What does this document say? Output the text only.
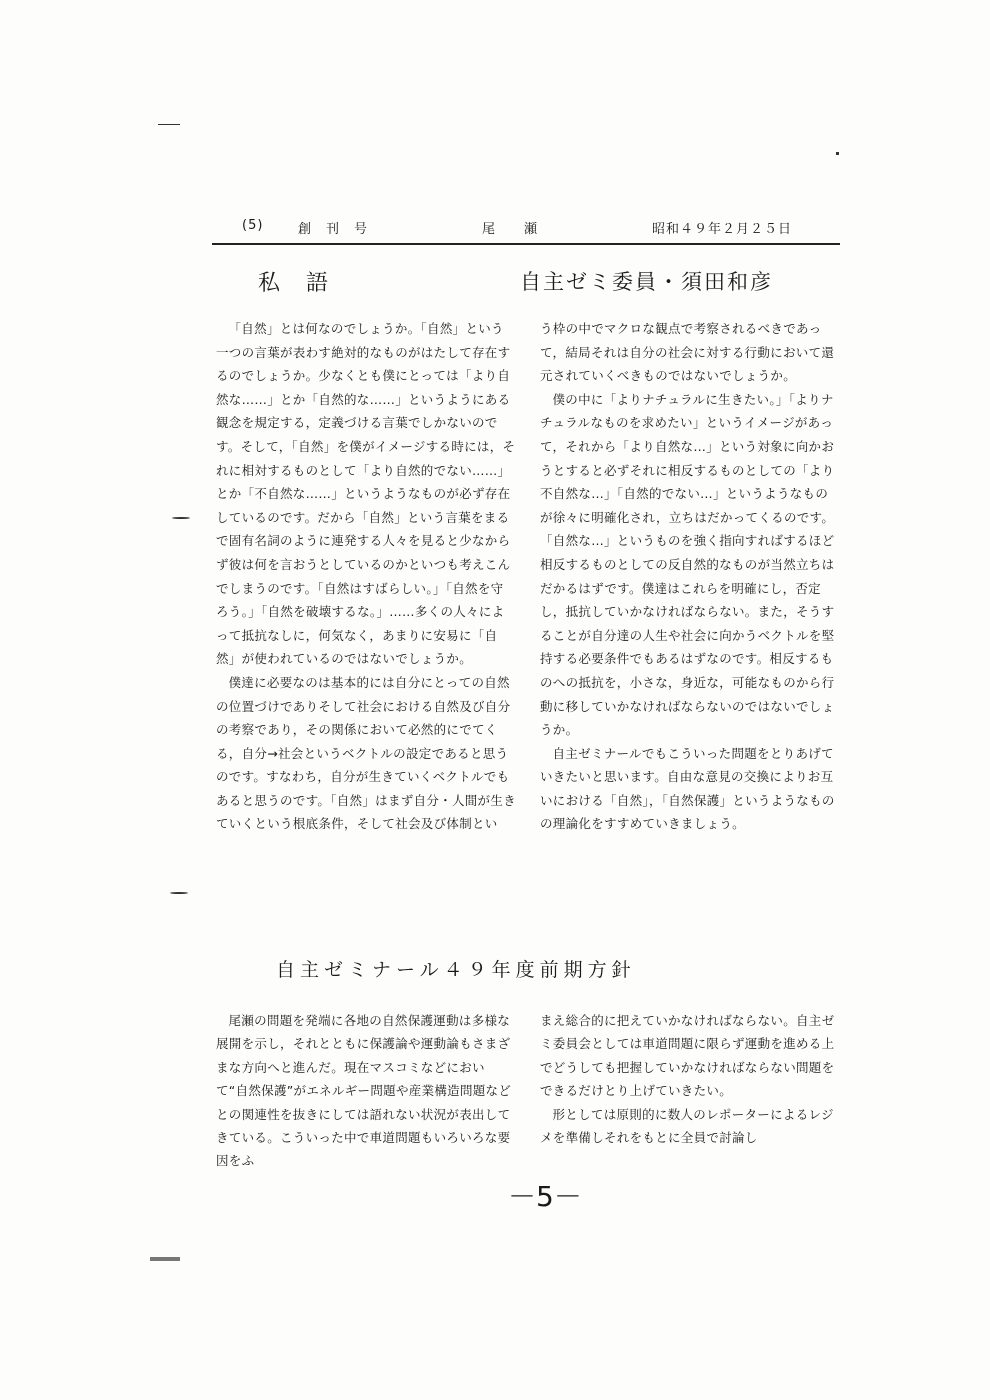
(5)	創　刊　号	尾　　瀬	昭和４９年２月２５日
私語	自主ゼミ委員・須田和彦

「自然」とは何なのでしょうか。「自然」という一つの言葉が表わす絶対的なものがはたして存在するのでしょうか。少なくとも僕にとっては「より自然な……」とか「自然的な……」というようにある観念を規定する，定義づける言葉でしかないのです。そして，「自然」を僕がイメージする時には，それに相対するものとして「より自然的でない……」とか「不自然な……」というようなものが必ず存在しているのです。だから「自然」という言葉をまるで固有名詞のように連発する人々を見ると少なからず彼は何を言おうとしているのかといつも考えこんでしまうのです。「自然はすばらしい。」「自然を守ろう。」「自然を破壊するな。」……多くの人々によって抵抗なしに，何気なく，あまりに安易に「自然」が使われているのではないでしょうか。

僕達に必要なのは基本的には自分にとっての自然の位置づけでありそして社会における自然及び自分の考察であり，その関係において必然的にでてくる，自分→社会というベクトルの設定であると思うのです。すなわち，自分が生きていくベクトルでもあると思うのです。「自然」はまず自分・人間が生きていくという根底条件，そして社会及び体制とい

う枠の中でマクロな観点で考察されるべきであって，結局それは自分の社会に対する行動において還元されていくべきものではないでしょうか。

僕の中に「よりナチュラルに生きたい。」「よりナチュラルなものを求めたい」というイメージがあって，それから「より自然な…」という対象に向かおうとすると必ずそれに相反するものとしての「より不自然な…」「自然的でない…」というようなものが徐々に明確化され，立ちはだかってくるのです。「自然な…」というものを強く指向すればするほど相反するものとしての反自然的なものが当然立ちはだかるはずです。僕達はこれらを明確にし，否定し，抵抗していかなければならない。また，そうすることが自分達の人生や社会に向かうベクトルを堅持する必要条件でもあるはずなのです。相反するものへの抵抗を，小さな，身近な，可能なものから行動に移していかなければならないのではないでしょうか。

自主ゼミナールでもこういった問題をとりあげていきたいと思います。自由な意見の交換によりお互いにおける「自然」，「自然保護」というようなものの理論化をすすめていきましょう。

自主ゼミナール４９年度前期方針

尾瀬の問題を発端に各地の自然保護運動は多様な展開を示し，それとともに保護論や運動論もさまざまな方向へと進んだ。現在マスコミなどにおいて“自然保護”がエネルギー問題や産業構造問題などとの関連性を抜きにしては語れない状況が表出してきている。こういった中で車道問題もいろいろな要因をふ

まえ総合的に把えていかなければならない。自主ゼミ委員会としては車道問題に限らず運動を進める上でどうしても把握していかなければならない問題をできるだけとり上げていきたい。

形としては原則的に数人のレポーターによるレジメを準備しそれをもとに全員で討論し

－5－
